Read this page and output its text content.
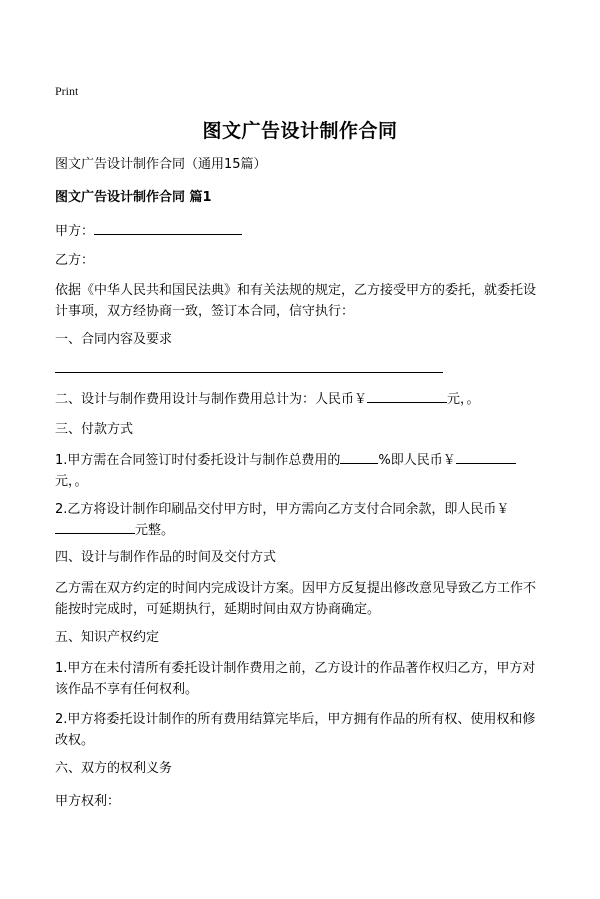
Print
图文广告设计制作合同
图文广告设计制作合同（通用15篇）
图文广告设计制作合同 篇1
甲方：
乙方：
依据《中华人民共和国民法典》和有关法规的规定，乙方接受甲方的委托，就委托设计事项，双方经协商一致，签订本合同，信守执行：
一、合同内容及要求
二、设计与制作费用设计与制作费用总计为：人民币￥	元，。
三、付款方式
1.甲方需在合同签订时付委托设计与制作总费用的	%即人民币￥
元，。
2.乙方将设计制作印刷品交付甲方时，甲方需向乙方支付合同余款，即人民币￥
元整。
四、设计与制作作品的时间及交付方式
乙方需在双方约定的时间内完成设计方案。因甲方反复提出修改意见导致乙方工作不能按时完成时，可延期执行，延期时间由双方协商确定。
五、知识产权约定
1.甲方在未付清所有委托设计制作费用之前，乙方设计的作品著作权归乙方，甲方对该作品不享有任何权利。
2.甲方将委托设计制作的所有费用结算完毕后，甲方拥有作品的所有权、使用权和修改权。
六、双方的权利义务
甲方权利：
